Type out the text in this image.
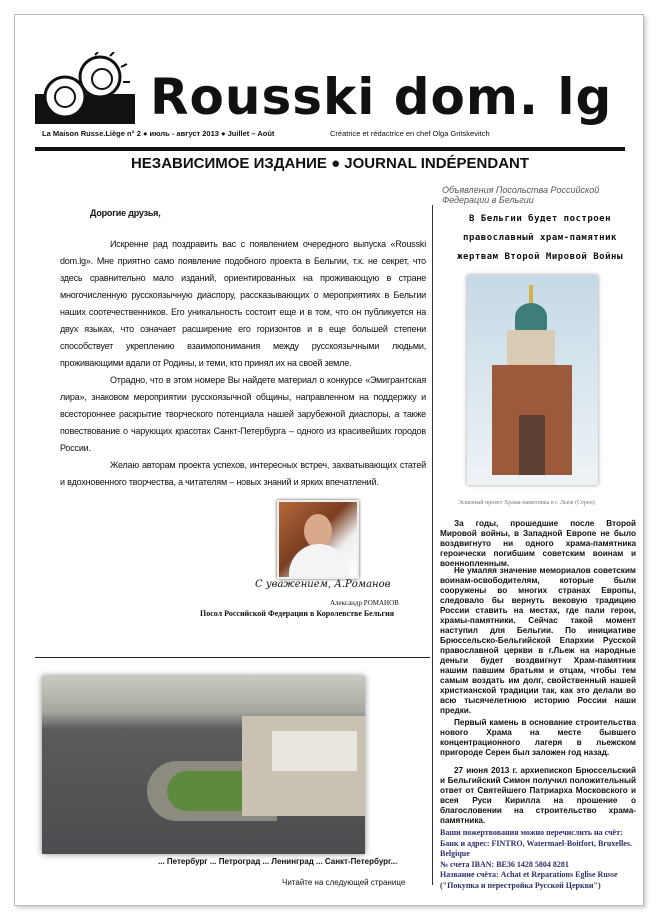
Rousski dom. lg
La Maison Russe.Liège n° 2 ● июль - август 2013 ● Juillet – Août	Créatrice et rédactrice en chef Olga Gritskevitch
НЕЗАВИСИМОЕ ИЗДАНИЕ ● JOURNAL INDÉPENDANT
Дорогие друзья,

Искренне рад поздравить вас с появлением очередного выпуска «Rousski dom.lg». Мне приятно само появление подобного проекта в Бельгии, т.к. не секрет, что здесь сравнительно мало изданий, ориентированных на проживающую в стране многочисленную русскоязычную диаспору, рассказывающих о мероприятиях в Бельгии наших соотечественников. Его уникальность состоит еще и в том, что он публикуется на двух языках, что означает расширение его горизонтов и в еще большей степени способствует укреплению взаимопонимания между русскоязычными людьми, проживающими вдали от Родины, и теми, кто принял их на своей земле.

Отрадно, что в этом номере Вы найдете материал о конкурсе «Эмигрантская лира», знаковом мероприятии русскоязычной общины, направленном на поддержку и всестороннее раскрытие творческого потенциала нашей зарубежной диаспоры, а также повествование о чарующих красотах Санкт-Петербурга – одного из красивейших городов России.

Желаю авторам проекта успехов, интересных встреч, захватывающих статей и вдохновенного творчества, а читателям – новых знаний и ярких впечатлений.

С уважением, А.Романов
Александр РОМАНОВ
Посол Российской Федерации в Королевстве Бельгия
... Петербург ... Петроград ... Ленинград ... Санкт-Петербург...
Читайте на следующей странице
Объявления Посольства Российской Федерации в Бельгии
В Бельгии будет построен православный храм-памятник жертвам Второй Мировой Войны
Эскизный проект Храма-памятника в г. Льеж (Серен)

За годы, прошедшие после Второй Мировой войны, в Западной Европе не было воздвигнуто ни одного храма-памятника героически погибшим советским воинам и военнопленным.

Не умаляя значение мемориалов советским воинам-освободителям, которые были сооружены во многих странах Европы, следовало бы вернуть вековую традицию России ставить на местах, где пали герои, храмы-памятники. Сейчас такой момент наступил для Бельгии. По инициативе Брюссельско-Бельгийской Епархии Русской православной церкви в г.Льеж на народные деньги будет воздвигнут Храм-памятник нашим павшим братьям и отцам, чтобы тем самым воздать им долг, свойственный нашей христианской традиции так, как это делали во всю тысячелетнюю историю России наши предки.

Первый камень в основание строительства нового Храма на месте бывшего концентрационного лагеря в льежском пригороде Серен был заложен год назад.

27 июня 2013 г. архиепископ Брюссельский и Бельгийский Симон получил положительный ответ от Святейшего Патриарха Московского и всея Руси Кирилла на прошение о благословении на строительство храма-памятника.

Ваши пожертвования можно перечислить на счёт:
Банк и адрес: FINTRO, Watermael-Boitfort, Bruxelles. Belgique
№ счета IBAN: BE36 1428 5804 8281
Название счёта: Achat et Reparations Eglise Russe
("Покупка и перестройка Русской Церкви")
